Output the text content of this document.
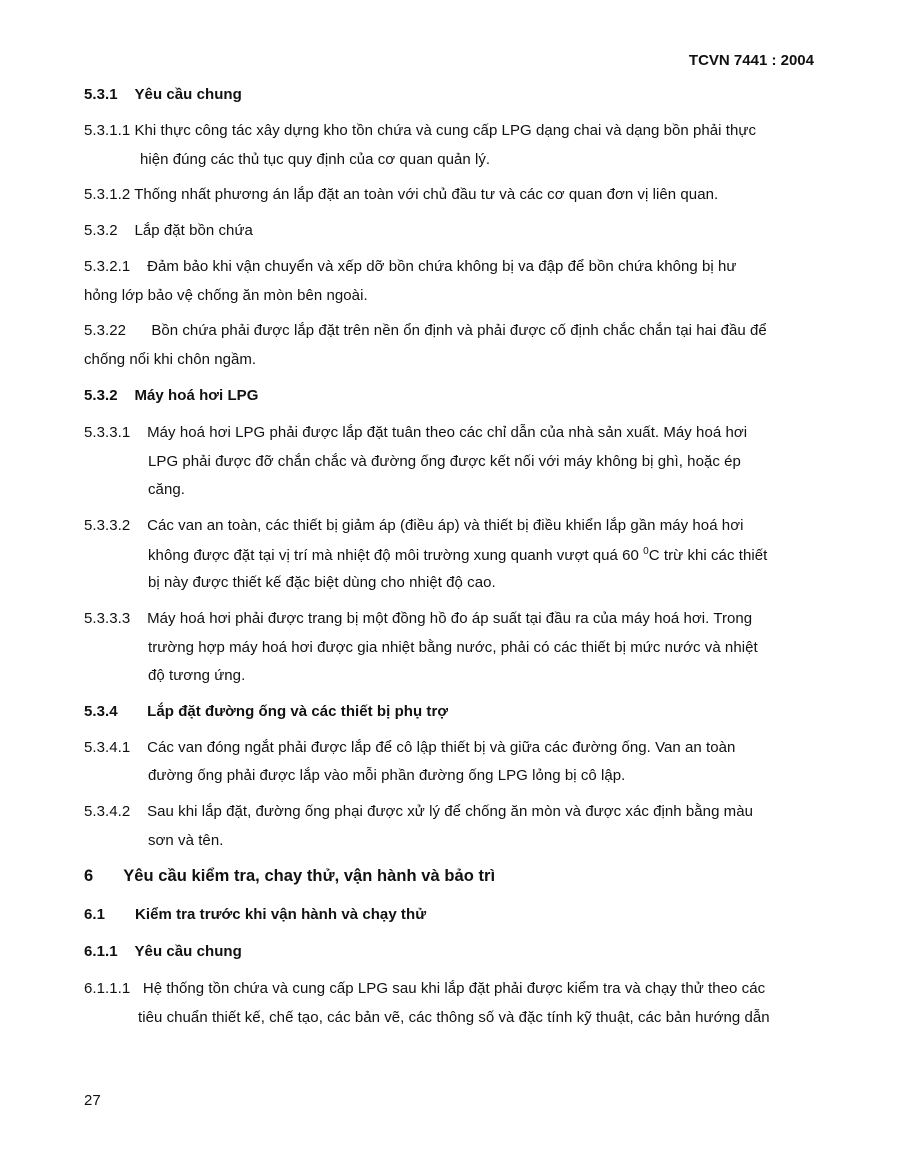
TCVN 7441 : 2004
5.3.1 Yêu cầu chung
5.3.1.1 Khi thực công tác xây dựng kho tồn chứa và cung cấp LPG dạng chai và dạng bồn phải thực
hiện đúng các thủ tục quy định của cơ quan quản lý.
5.3.1.2 Thống nhất phương án lắp đặt an toàn với chủ đầu tư và các cơ quan đơn vị liên quan.
5.3.2 Lắp đặt bồn chứa
5.3.2.1 Đảm bảo khi vận chuyển và xếp dỡ bồn chứa không bị va đập để bồn chứa không bị hư
hỏng lớp bảo vệ chống ăn mòn bên ngoài.
5.3.22 Bồn chứa phải được lắp đặt trên nền ổn định và phải được cố định chắc chắn tại hai đầu để
chống nổi khi chôn ngầm.
5.3.2 Máy hoá hơi LPG
5.3.3.1 Máy hoá hơi LPG phải được lắp đặt tuân theo các chỉ dẫn của nhà sản xuất. Máy hoá hơi
LPG phải được đỡ chắn chắc và đường ống được kết nối với máy không bị ghì, hoặc ép
căng.
5.3.3.2 Các van an toàn, các thiết bị giảm áp (điều áp) và thiết bị điều khiển lắp gần máy hoá hơi
không được đặt tại vị trí mà nhiệt độ môi trường xung quanh vượt quá 60 $^0$C trừ khi các thiết
bị này được thiết kế đặc biệt dùng cho nhiệt độ cao.
5.3.3.3 Máy hoá hơi phải được trang bị một đồng hồ đo áp suất tại đầu ra của máy hoá hơi. Trong
trường hợp máy hoá hơi được gia nhiệt bằng nước, phải có các thiết bị mức nước và nhiệt
độ tương ứng.
5.3.4 Lắp đặt đường ống và các thiết bị phụ trợ
5.3.4.1 Các van đóng ngắt phải được lắp để cô lập thiết bị và giữa các đường ống. Van an toàn
đường ống phải được lắp vào mỗi phần đường ống LPG lỏng bị cô lập.
5.3.4.2 Sau khi lắp đặt, đường ống phại được xử lý để chống ăn mòn và được xác định bằng màu
sơn và tên.
6 Yêu cầu kiểm tra, chay thử, vận hành và bảo trì
6.1 Kiểm tra trước khi vận hành và chạy thử
6.1.1 Yêu cầu chung
6.1.1.1 Hệ thống tồn chứa và cung cấp LPG sau khi lắp đặt phải được kiểm tra và chạy thử theo các
tiêu chuẩn thiết kế, chế tạo, các bản vẽ, các thông số và đặc tính kỹ thuật, các bản hướng dẫn
27
